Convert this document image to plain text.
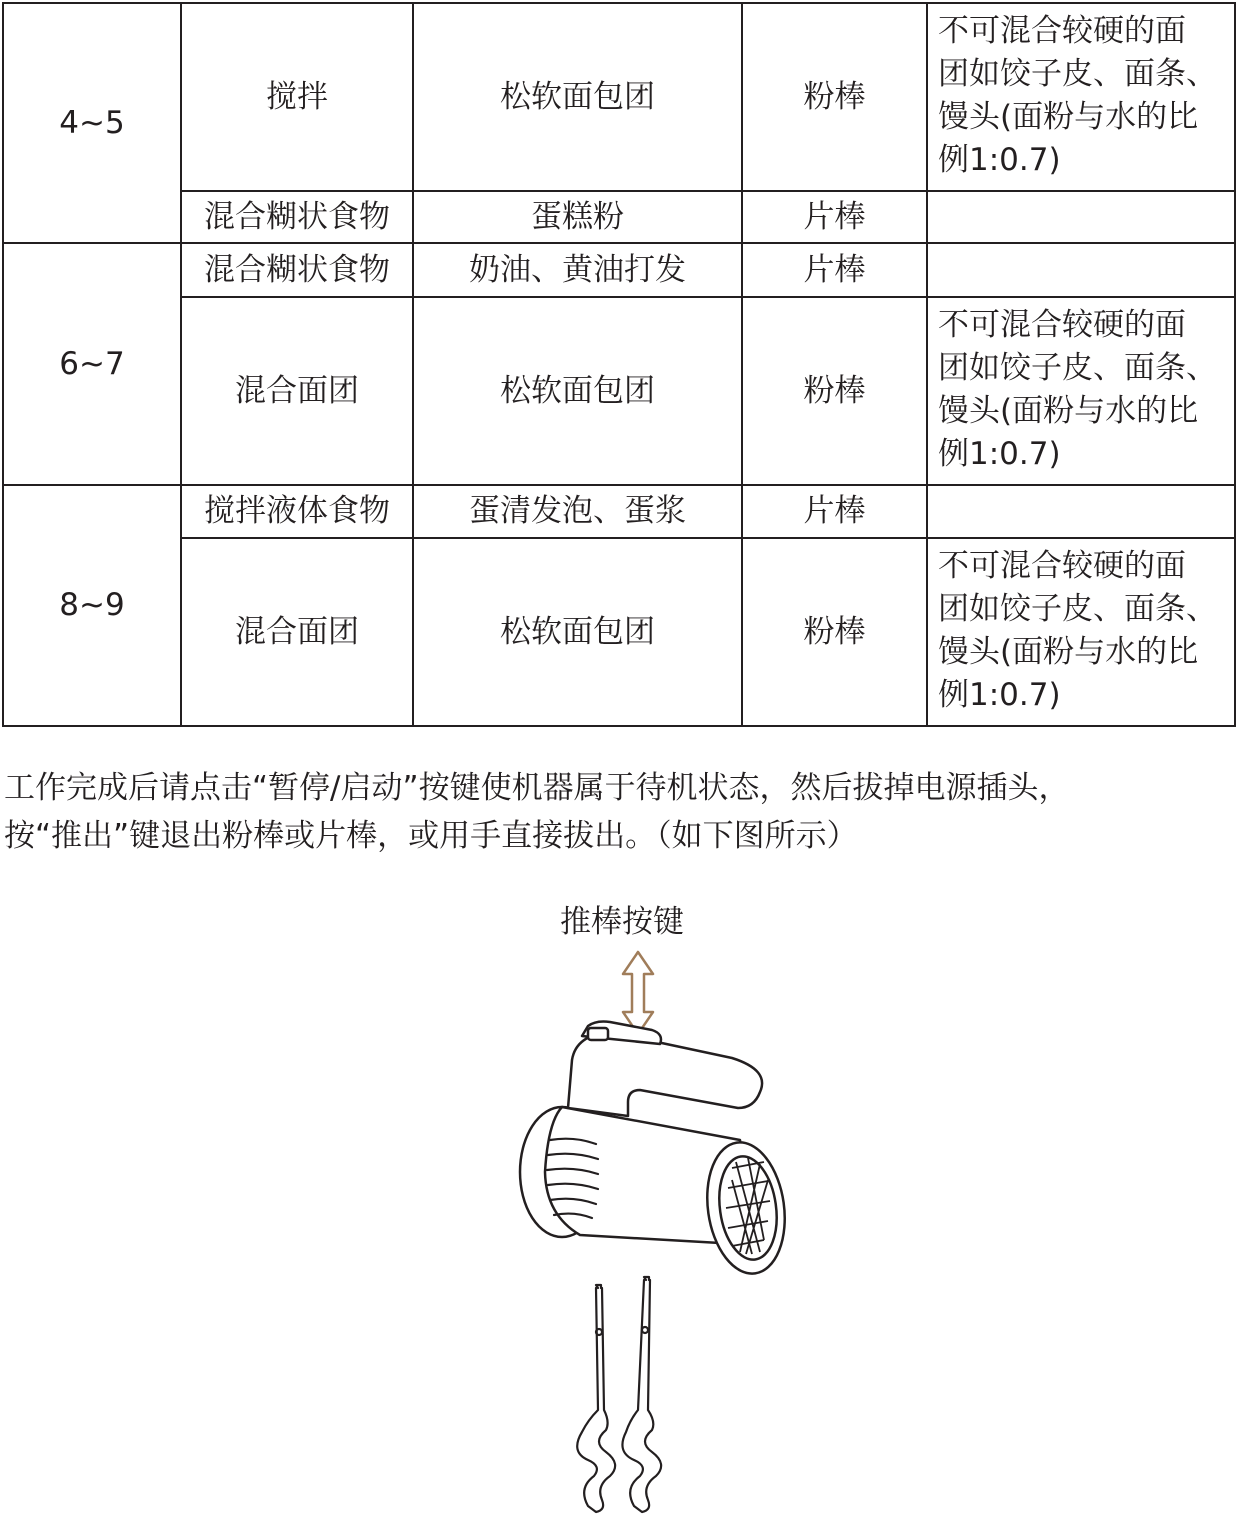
4~5	搅拌	松软面包团	粉棒	不可混合较硬的面
团如饺子皮、面条、
馒头(面粉与水的比
例1:0.7)

	混合糊状食物	蛋糕粉	片棒	
6~7	混合糊状食物	奶油、黄油打发	片棒	
	混合面团	松软面包团	粉棒	不可混合较硬的面
团如饺子皮、面条、
馒头(面粉与水的比
例1:0.7)

8~9	搅拌液体食物	蛋清发泡、蛋浆	片棒	
	混合面团	松软面包团	粉棒	不可混合较硬的面
团如饺子皮、面条、
馒头(面粉与水的比
例1:0.7)

工作完成后请点击“暂停/启动”按键使机器属于待机状态，然后拔掉电源插头，

按“推出”键退出粉棒或片棒，或用手直接拔出。（如下图所示）

推棒按键
